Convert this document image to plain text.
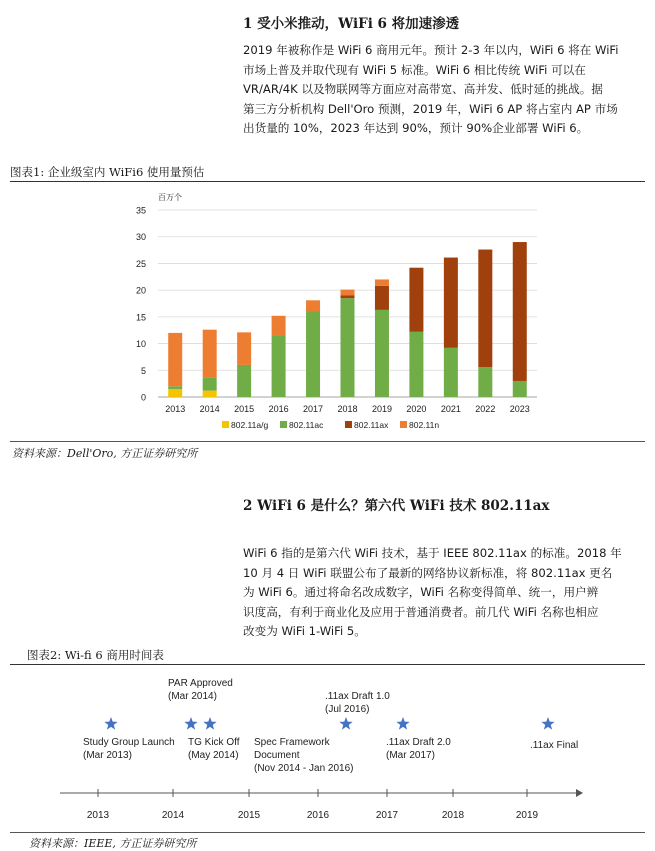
1 受小米推动，WiFi 6 将加速渗透
2019 年被称作是 WiFi 6 商用元年。预计 2-3 年以内，WiFi 6 将在 WiFi
市场上普及并取代现有 WiFi 5 标准。WiFi 6 相比传统 WiFi 可以在
VR/AR/4K 以及物联网等方面应对高带宽、高并发、低时延的挑战。据
第三方分析机构 Dell'Oro 预测，2019 年，WiFi 6 AP 将占室内 AP 市场
出货量的 10%，2023 年达到 90%，预计 90%企业部署 WiFi 6。
图表1: 企业级室内 WiFi6 使用量预估
百万个
0
5
10
15
20
25
30
35
2013 2014 2015 2016 2017 2018 2019 2020 2021 2022 2023
802.11a/g 802.11ac	802.11ax 802.11n
资料来源：Dell'Oro, 方正证券研究所
2 WiFi 6 是什么？第六代 WiFi 技术 802.11ax
WiFi 6 指的是第六代 WiFi 技术，基于 IEEE 802.11ax 的标准。2018 年
10 月 4 日 WiFi 联盟公布了最新的网络协议新标准，将 802.11ax 更名
为 WiFi 6。通过将命名改成数字，WiFi 名称变得简单、统一，用户辨
识度高，有利于商业化及应用于普通消费者。前几代 WiFi 名称也相应
改变为 WiFi 1-WiFi 5。
图表2: Wi-fi 6 商用时间表
2013	2014	2015	2016	2017	2018	2019
Study Group Launch
(Mar 2013)
PAR Approved
(Mar 2014)
TG Kick Off
(May 2014)
Spec Framework
Document
(Nov 2014 - Jan 2016)
.11ax Draft 1.0
(Jul 2016)
.11ax Draft 2.0
(Mar 2017)
.11ax Final
资料来源：IEEE, 方正证券研究所
